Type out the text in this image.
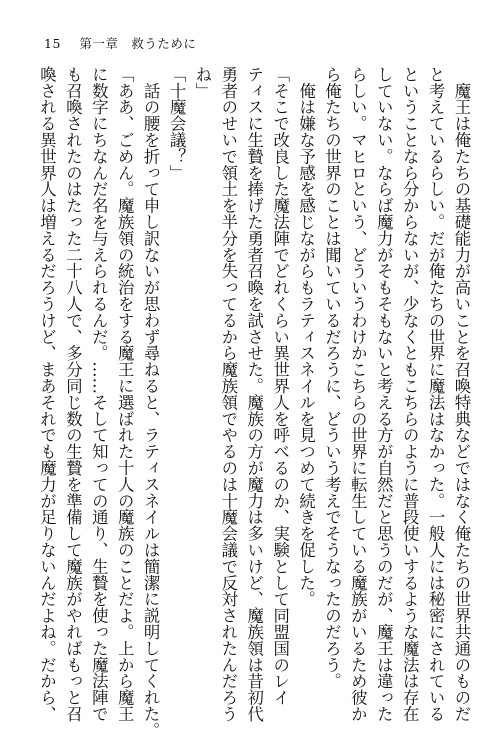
15 第一章　救うために

　魔王は俺たちの基礎能力が高いことを召喚特典などではなく俺たちの世界共通のものだ

と考えているらしい。だが俺たちの世界に魔法はなかった。一般人には秘密にされている

ということなら分からないが、少なくともこちらのように普段使いするような魔法は存在

していない。ならば魔力がそもそもないと考える方が自然だと思うのだが、魔王は違った

らしい。マヒロという、どういうわけかこちらの世界に転生している魔族がいるため彼か

ら俺たちの世界のことは聞いているだろうに、どういう考えでそうなったのだろう。

　俺は嫌な予感を感じながらもラティスネイルを見つめて続きを促した。

「そこで改良した魔法陣でどれくらい異世界人を呼べるのか、実験として同盟国のレイ

ティスに生贄を捧げた勇者召喚を試させた。魔族の方が魔力は多いけど、魔族領は昔初代

勇者のせいで領土を半分を失ってるから魔族領でやるのは十魔会議で反対されたんだろう

ね」

「十魔会議？」

　話の腰を折って申し訳ないが思わず尋ねると、ラティスネイルは簡潔に説明してくれた。

「ああ、ごめん。魔族領の統治をする魔王に選ばれた十人の魔族のことだよ。上から魔王

に数字にちなんだ名を与えられるんだ。……そして知っての通り、生贄を使った魔法陣で

も召喚されたのはたった二十八人で、多分同じ数の生贄を準備して魔族がやればもっと召

喚される異世界人は増えるだろうけど、まあそれでも魔力が足りないんだよね。だから、
